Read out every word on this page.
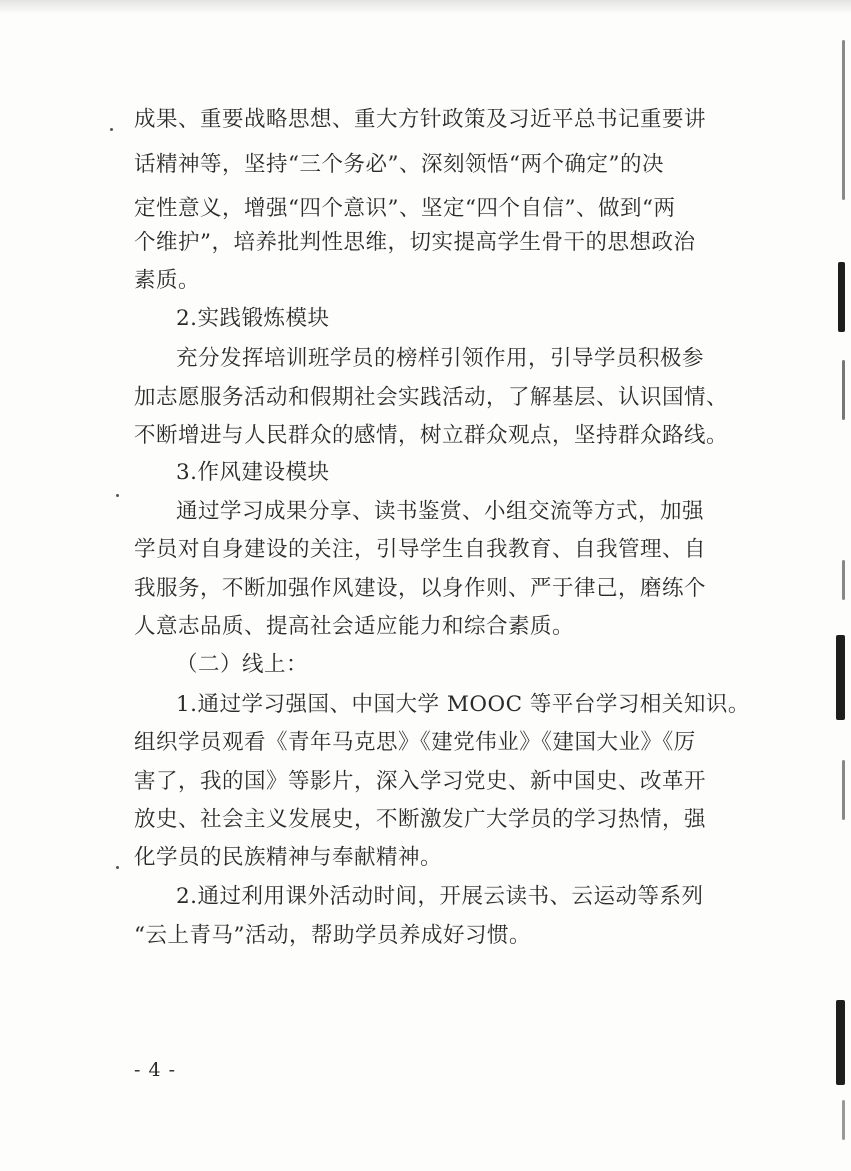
成果、重要战略思想、重大方针政策及习近平总书记重要讲
话精神等，坚持“三个务必”、深刻领悟“两个确定”的决
定性意义，增强“四个意识”、坚定“四个自信”、做到“两
个维护”，培养批判性思维，切实提高学生骨干的思想政治
素质。
2.实践锻炼模块
充分发挥培训班学员的榜样引领作用，引导学员积极参
加志愿服务活动和假期社会实践活动，了解基层、认识国情、
不断增进与人民群众的感情，树立群众观点，坚持群众路线。
3.作风建设模块
通过学习成果分享、读书鉴赏、小组交流等方式，加强
学员对自身建设的关注，引导学生自我教育、自我管理、自
我服务，不断加强作风建设，以身作则、严于律己，磨练个
人意志品质、提高社会适应能力和综合素质。
（二）线上：
1.通过学习强国、中国大学 MOOC 等平台学习相关知识。
组织学员观看《青年马克思》《建党伟业》《建国大业》《厉
害了，我的国》等影片，深入学习党史、新中国史、改革开
放史、社会主义发展史，不断激发广大学员的学习热情，强
化学员的民族精神与奉献精神。
2.通过利用课外活动时间，开展云读书、云运动等系列
“云上青马”活动，帮助学员养成好习惯。
- 4 -
